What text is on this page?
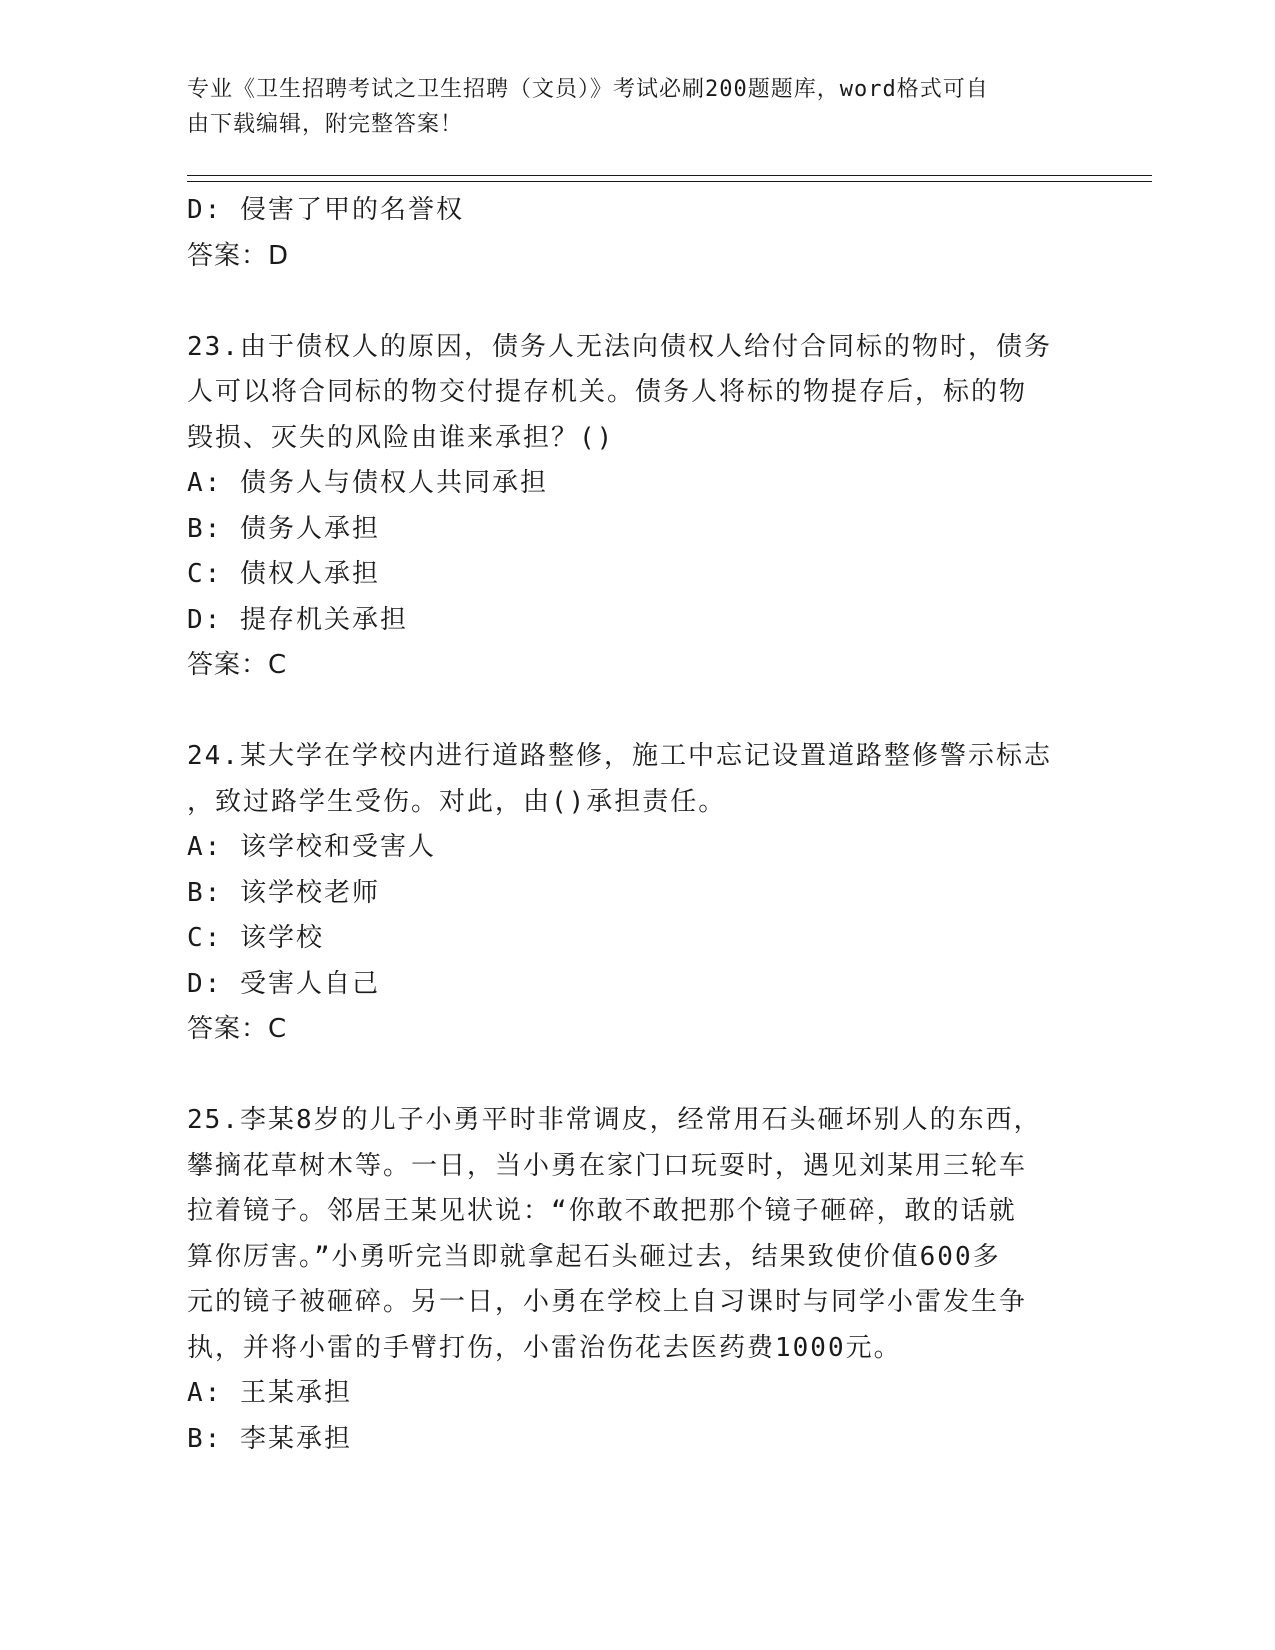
专业《卫生招聘考试之卫生招聘（文员）》考试必刷200题题库，word格式可自
由下载编辑，附完整答案！
D: 侵害了甲的名誉权
答案：D
23.由于债权人的原因，债务人无法向债权人给付合同标的物时，债务
人可以将合同标的物交付提存机关。债务人将标的物提存后，标的物
毁损、灭失的风险由谁来承担？()
A: 债务人与债权人共同承担
B: 债务人承担
C: 债权人承担
D: 提存机关承担
答案：C
24.某大学在学校内进行道路整修，施工中忘记设置道路整修警示标志
，致过路学生受伤。对此，由()承担责任。
A: 该学校和受害人
B: 该学校老师
C: 该学校
D: 受害人自己
答案：C
25.李某8岁的儿子小勇平时非常调皮，经常用石头砸坏别人的东西，
攀摘花草树木等。一日，当小勇在家门口玩耍时，遇见刘某用三轮车
拉着镜子。邻居王某见状说：“你敢不敢把那个镜子砸碎，敢的话就
算你厉害。”小勇听完当即就拿起石头砸过去，结果致使价值600多
元的镜子被砸碎。另一日，小勇在学校上自习课时与同学小雷发生争
执，并将小雷的手臂打伤，小雷治伤花去医药费1000元。
A: 王某承担
B: 李某承担
